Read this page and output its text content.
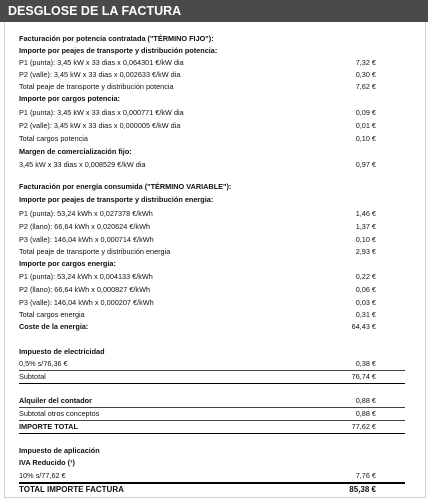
DESGLOSE DE LA FACTURA
Facturación por potencia contratada ("TÉRMINO FIJO"):
Importe por peajes de transporte y distribución potencia:
P1 (punta): 3,45 kW x 33 dias x 0,064301 €/kW dia	7,32 €
P2 (valle): 3,45 kW x 33 dias x 0,002633 €/kW dia	0,30 €
Total peaje de transporte y distribución potencia	7,62 €
Importe por cargos potencia:
P1 (punta): 3,45 kW x 33 dias x 0,000771 €/kW dia	0,09 €
P2 (valle): 3,45 kW x 33 dias x 0,000005 €/kW dia	0,01 €
Total cargos potencia	0,10 €
Margen de comercialización fijo:
3,45 kW x 33 dias x 0,008529 €/kW dia	0,97 €
Facturación por energía consumida ("TÉRMINO VARIABLE"):
Importe por peajes de transporte y distribución energia:
P1 (punta): 53,24 kWh x 0,027378 €/kWh	1,46 €
P2 (llano): 66,64 kWh x 0,020624 €/kWh	1,37 €
P3 (valle): 146,04 kWh x 0,000714 €/kWh	0,10 €
Total peaje de transporte y distribución energia	2,93 €
Importe por cargos energia:
P1 (punta): 53,24 kWh x 0,004133 €/kWh	0,22 €
P2 (llano): 66,64 kWh x 0,000827 €/kWh	0,06 €
P3 (valle): 146,04 kWh x 0,000207 €/kWh	0,03 €
Total cargos energia	0,31 €
Coste de la energia:	64,43 €
Impuesto de electricidad
0,5% s/76,36 €	0,38 €
Subtotal	76,74 €
Alquiler del contador	0,88 €
Subtotal otros conceptos	0,88 €
IMPORTE TOTAL	77,62 €
Impuesto de aplicación
IVA Reducido (¹)
10% s/77,62 €	7,76 €
TOTAL IMPORTE FACTURA	85,38 €
